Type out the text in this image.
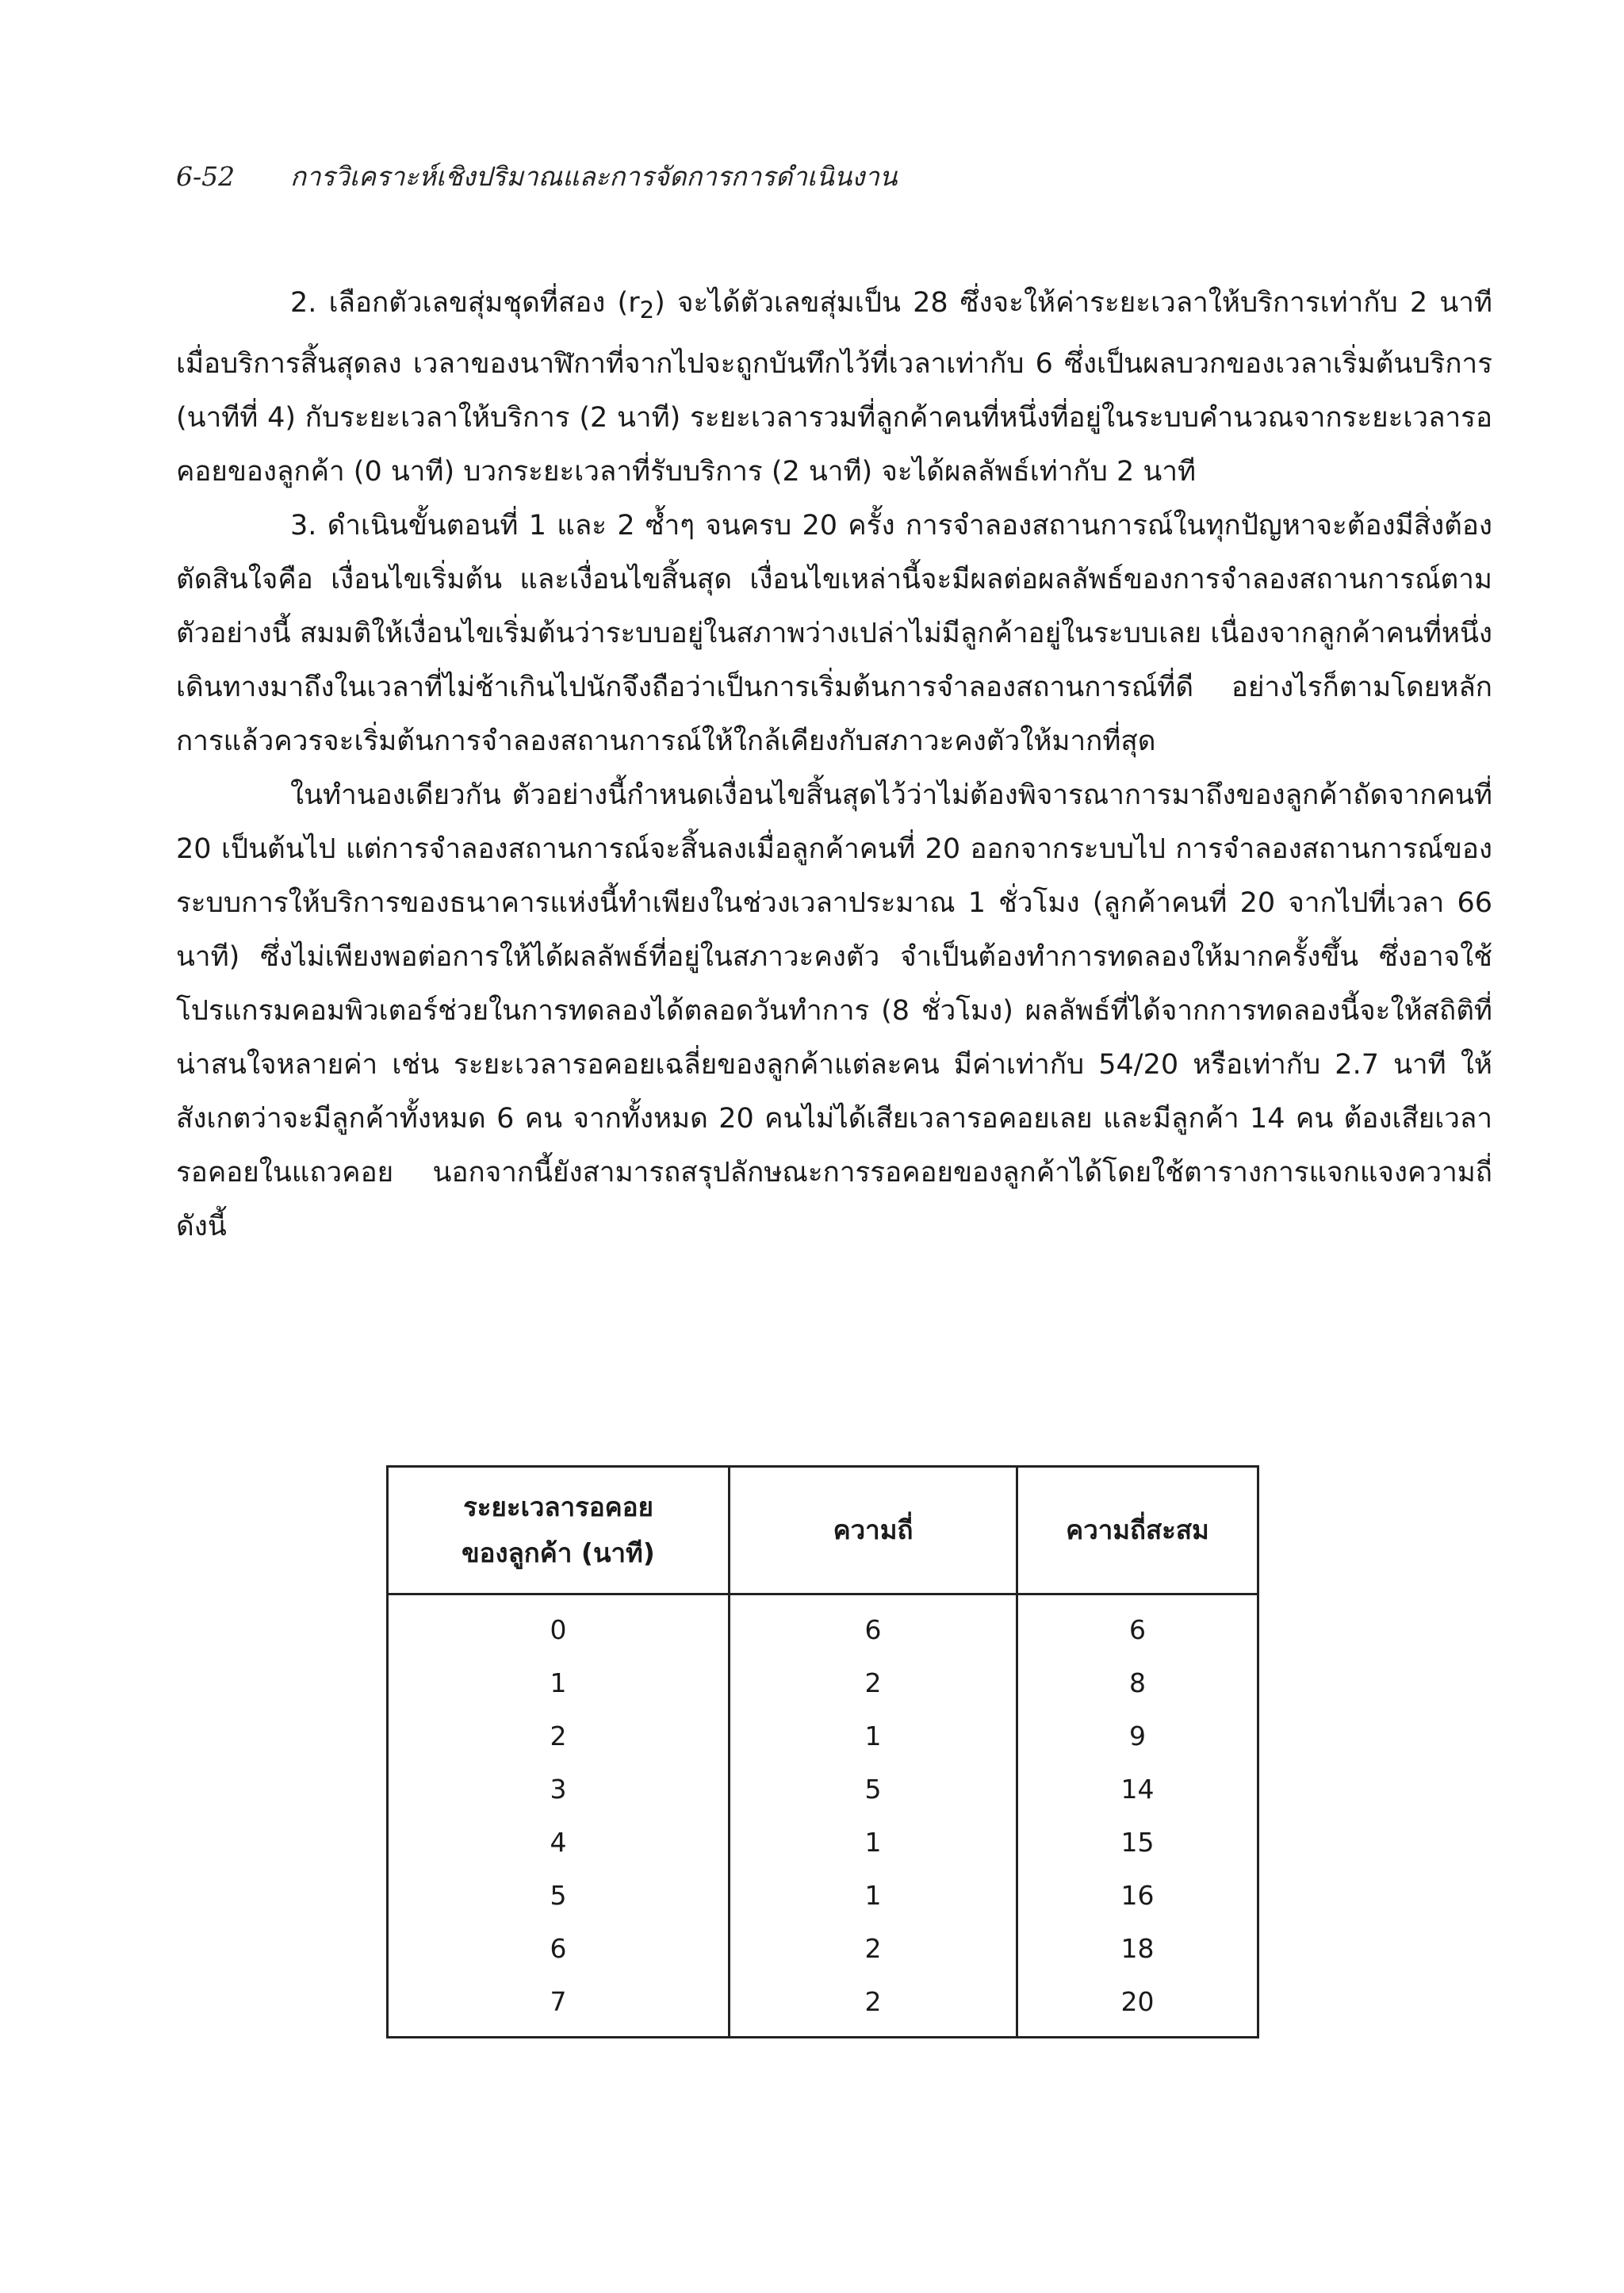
6-52 การวิเคราะห์เชิงปริมาณและการจัดการการดำเนินงาน

2. เลือกตัวเลขสุ่มชุดที่สอง $(r_2)$ จะได้ตัวเลขสุ่มเป็น 28 ซึ่งจะให้ค่าระยะเวลาให้บริการเท่ากับ 2 นาที เมื่อบริการสิ้นสุดลง เวลาของนาฬิกาที่จากไปจะถูกบันทึกไว้ที่เวลาเท่ากับ 6 ซึ่งเป็นผลบวกของเวลาเริ่มต้นบริการ (นาทีที่ 4) กับระยะเวลาให้บริการ (2 นาที) ระยะเวลารวมที่ลูกค้าคนที่หนึ่งที่อยู่ในระบบคำนวณจากระยะเวลารอคอยของลูกค้า (0 นาที) บวกระยะเวลาที่รับบริการ (2 นาที) จะได้ผลลัพธ์เท่ากับ 2 นาที

3. ดำเนินขั้นตอนที่ 1 และ 2 ซ้ำๆ จนครบ 20 ครั้ง การจำลองสถานการณ์ในทุกปัญหาจะต้องมีสิ่งต้องตัดสินใจคือ เงื่อนไขเริ่มต้น และเงื่อนไขสิ้นสุด เงื่อนไขเหล่านี้จะมีผลต่อผลลัพธ์ของการจำลองสถานการณ์ตามตัวอย่างนี้ สมมติให้เงื่อนไขเริ่มต้นว่าระบบอยู่ในสภาพว่างเปล่าไม่มีลูกค้าอยู่ในระบบเลย เนื่องจากลูกค้าคนที่หนึ่งเดินทางมาถึงในเวลาที่ไม่ช้าเกินไปนักจึงถือว่าเป็นการเริ่มต้นการจำลองสถานการณ์ที่ดี อย่างไรก็ตามโดยหลักการแล้วควรจะเริ่มต้นการจำลองสถานการณ์ให้ใกล้เคียงกับสภาวะคงตัวให้มากที่สุด

ในทำนองเดียวกัน ตัวอย่างนี้กำหนดเงื่อนไขสิ้นสุดไว้ว่าไม่ต้องพิจารณาการมาถึงของลูกค้าถัดจากคนที่ 20 เป็นต้นไป แต่การจำลองสถานการณ์จะสิ้นลงเมื่อลูกค้าคนที่ 20 ออกจากระบบไป การจำลองสถานการณ์ของระบบการให้บริการของธนาคารแห่งนี้ทำเพียงในช่วงเวลาประมาณ 1 ชั่วโมง (ลูกค้าคนที่ 20 จากไปที่เวลา 66 นาที) ซึ่งไม่เพียงพอต่อการให้ได้ผลลัพธ์ที่อยู่ในสภาวะคงตัว จำเป็นต้องทำการทดลองให้มากครั้งขึ้น ซึ่งอาจใช้โปรแกรมคอมพิวเตอร์ช่วยในการทดลองได้ตลอดวันทำการ (8 ชั่วโมง) ผลลัพธ์ที่ได้จากการทดลองนี้จะให้สถิติที่น่าสนใจหลายค่า เช่น ระยะเวลารอคอยเฉลี่ยของลูกค้าแต่ละคน มีค่าเท่ากับ 54/20 หรือเท่ากับ 2.7 นาที ให้สังเกตว่าจะมีลูกค้าทั้งหมด 6 คน จากทั้งหมด 20 คนไม่ได้เสียเวลารอคอยเลย และมีลูกค้า 14 คน ต้องเสียเวลารอคอยในแถวคอย นอกจากนี้ยังสามารถสรุปลักษณะการรอคอยของลูกค้าได้โดยใช้ตารางการแจกแจงความถี่ ดังนี้

ระยะเวลารอคอย
ของลูกค้า (นาที)	ความถี่	ความถี่สะสม
0	6	6
1	2	8
2	1	9
3	5	14
4	1	15
5	1	16
6	2	18
7	2	20
